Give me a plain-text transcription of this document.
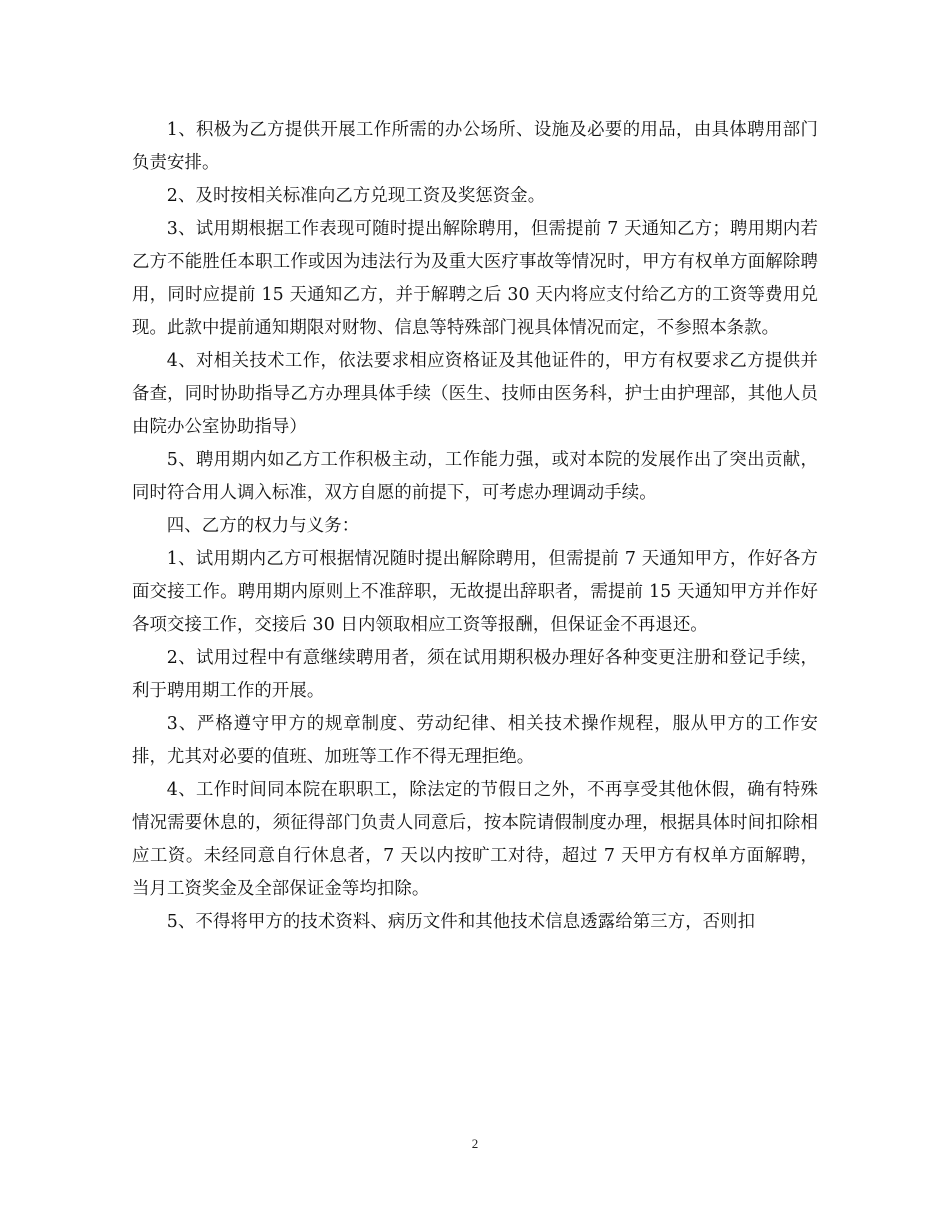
1、积极为乙方提供开展工作所需的办公场所、设施及必要的用品，由具体聘用部门负责安排。

2、及时按相关标准向乙方兑现工资及奖惩资金。

3、试用期根据工作表现可随时提出解除聘用，但需提前 7 天通知乙方；聘用期内若乙方不能胜任本职工作或因为违法行为及重大医疗事故等情况时，甲方有权单方面解除聘用，同时应提前 15 天通知乙方，并于解聘之后 30 天内将应支付给乙方的工资等费用兑现。此款中提前通知期限对财物、信息等特殊部门视具体情况而定，不参照本条款。

4、对相关技术工作，依法要求相应资格证及其他证件的，甲方有权要求乙方提供并备查，同时协助指导乙方办理具体手续（医生、技师由医务科，护士由护理部，其他人员由院办公室协助指导）

5、聘用期内如乙方工作积极主动，工作能力强，或对本院的发展作出了突出贡献，同时符合用人调入标准，双方自愿的前提下，可考虑办理调动手续。

四、乙方的权力与义务：

1、试用期内乙方可根据情况随时提出解除聘用，但需提前 7 天通知甲方，作好各方面交接工作。聘用期内原则上不准辞职，无故提出辞职者，需提前 15 天通知甲方并作好各项交接工作，交接后 30 日内领取相应工资等报酬，但保证金不再退还。

2、试用过程中有意继续聘用者，须在试用期积极办理好各种变更注册和登记手续，利于聘用期工作的开展。

3、严格遵守甲方的规章制度、劳动纪律、相关技术操作规程，服从甲方的工作安排，尤其对必要的值班、加班等工作不得无理拒绝。

4、工作时间同本院在职职工，除法定的节假日之外，不再享受其他休假，确有特殊情况需要休息的，须征得部门负责人同意后，按本院请假制度办理，根据具体时间扣除相应工资。未经同意自行休息者，7 天以内按旷工对待，超过 7 天甲方有权单方面解聘，当月工资奖金及全部保证金等均扣除。

5、不得将甲方的技术资料、病历文件和其他技术信息透露给第三方，否则扣

2
